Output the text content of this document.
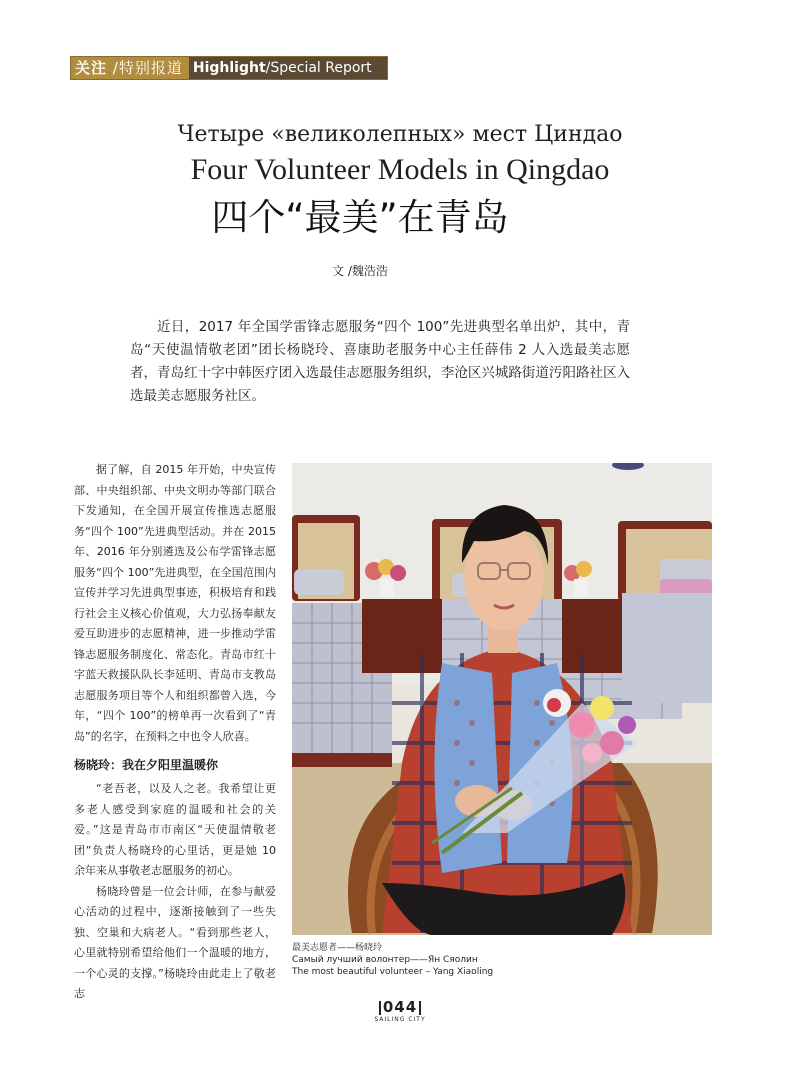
关注 /特别报道 Highlight/Special Report
Четыре «великолепных» мест Циндао
Four Volunteer Models in Qingdao
四个“最美”在青岛
文 /魏浩浩

近日，2017 年全国学雷锋志愿服务“四个 100”先进典型名单出炉，其中，青岛“天使温情敬老团”团长杨晓玲、喜康助老服务中心主任薛伟 2 人入选最美志愿者，青岛红十字中韩医疗团入选最佳志愿服务组织，李沧区兴城路街道汚阳路社区入选最美志愿服务社区。

据了解，自 2015 年开始，中央宣传部、中央组织部、中央文明办等部门联合下发通知，在全国开展宣传推选志愿服务“四个 100”先进典型活动。并在 2015 年、2016 年分别遴选及公布学雷锋志愿服务“四个 100”先进典型，在全国范围内宣传并学习先进典型事迹，积极培育和践行社会主义核心价值观，大力弘扬奉献友爱互助进步的志愿精神，进一步推动学雷锋志愿服务制度化、常态化。青岛市红十字蓝天救援队队长李延明、青岛市支教岛志愿服务项目等个人和组织都曾入选，今年，“四个 100”的榜单再一次看到了“青岛”的名字，在预料之中也令人欣喜。

杨晓玲：我在夕阳里温暖你

“老吾老，以及人之老。我希望让更多老人感受到家庭的温暖和社会的关爱。”这是青岛市市南区“天使温情敬老团”负责人杨晓玲的心里话，更是她 10 余年来从事敬老志愿服务的初心。

杨晓玲曾是一位会计师，在参与献爱心活动的过程中，逐渐接触到了一些失独、空巢和大病老人。“看到那些老人，心里就特别希望给他们一个温暖的地方，一个心灵的支撑。”杨晓玲由此走上了敬老志

最美志愿者——杨晓玲
Самый лучший волонтер——Ян Сяолин
The most beautiful volunteer – Yang Xiaoling
044
SAILING CITY
